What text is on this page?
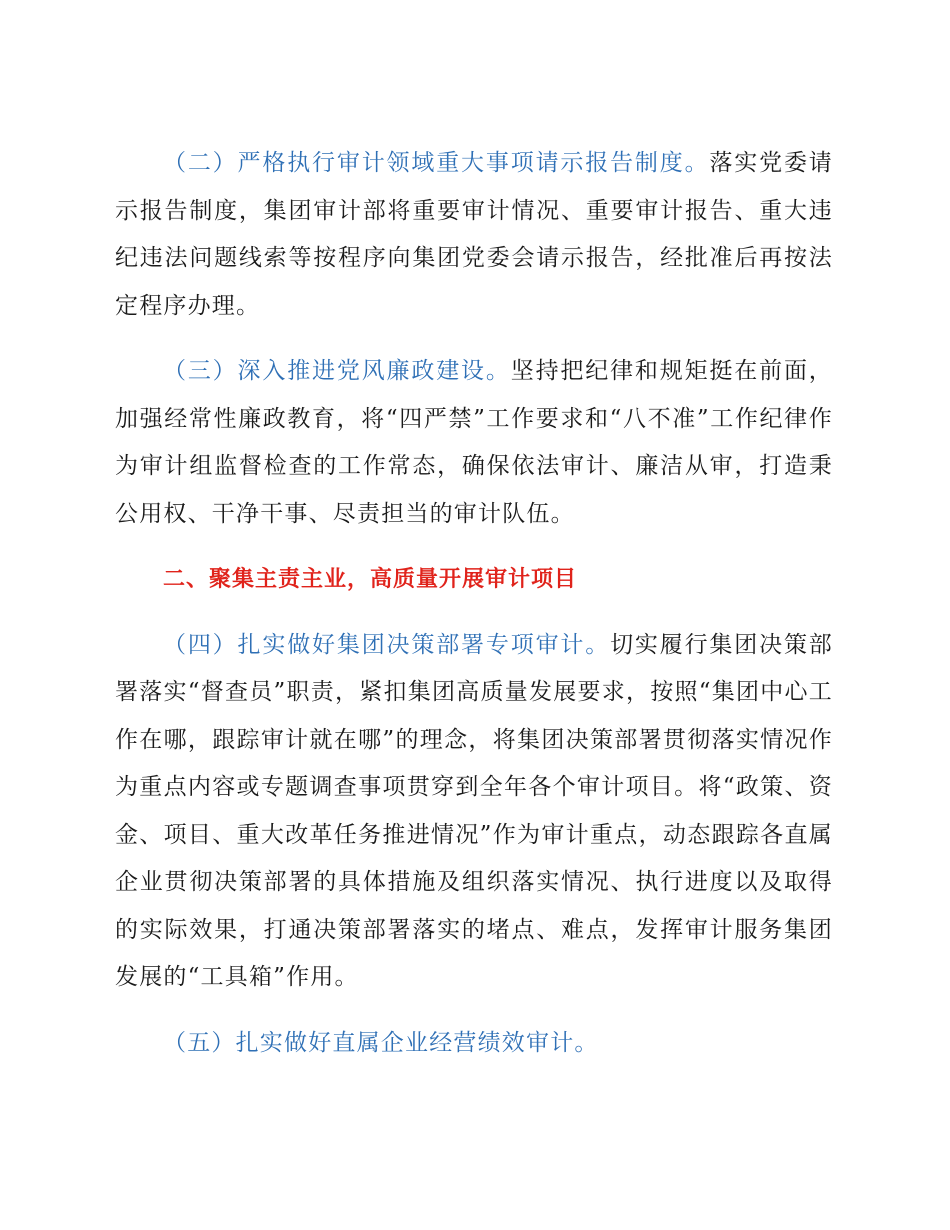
（二）严格执行审计领域重大事项请示报告制度。落实党委请示报告制度，集团审计部将重要审计情况、重要审计报告、重大违纪违法问题线索等按程序向集团党委会请示报告，经批准后再按法定程序办理。

（三）深入推进党风廉政建设。坚持把纪律和规矩挺在前面，加强经常性廉政教育，将“四严禁”工作要求和“八不准”工作纪律作为审计组监督检查的工作常态，确保依法审计、廉洁从审，打造秉公用权、干净干事、尽责担当的审计队伍。

二、聚集主责主业，高质量开展审计项目

（四）扎实做好集团决策部署专项审计。切实履行集团决策部署落实“督查员”职责，紧扣集团高质量发展要求，按照“集团中心工作在哪，跟踪审计就在哪”的理念，将集团决策部署贯彻落实情况作为重点内容或专题调查事项贯穿到全年各个审计项目。将“政策、资金、项目、重大改革任务推进情况”作为审计重点，动态跟踪各直属企业贯彻决策部署的具体措施及组织落实情况、执行进度以及取得的实际效果，打通决策部署落实的堵点、难点，发挥审计服务集团发展的“工具箱”作用。

（五）扎实做好直属企业经营绩效审计。
